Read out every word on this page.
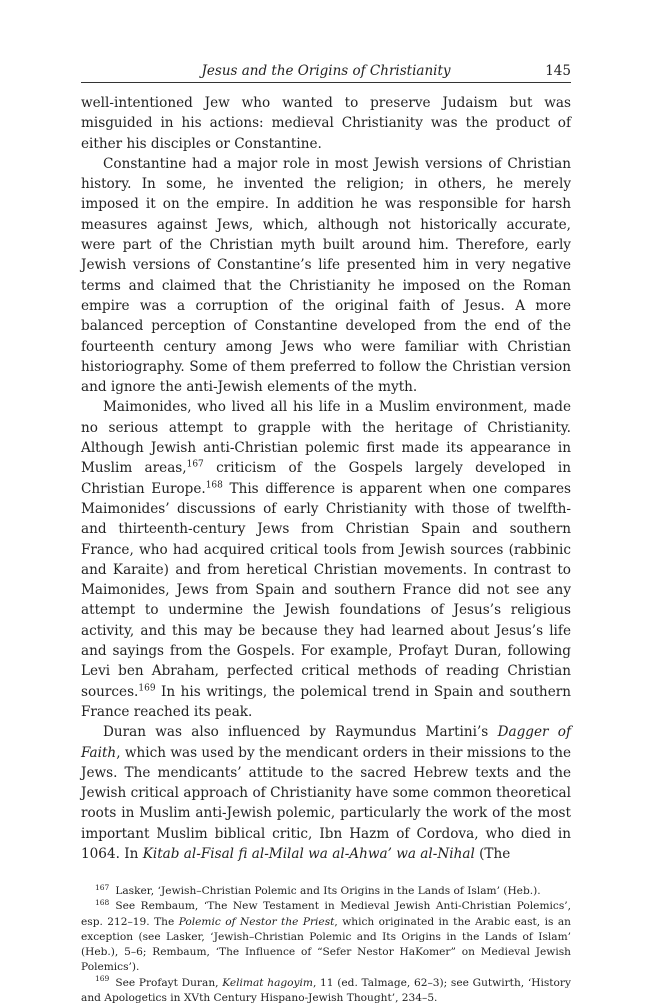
Jesus and the Origins of Christianity	145

well-intentioned Jew who wanted to preserve Judaism but was misguided in his actions: medieval Christianity was the product of either his disciples or Constantine.

Constantine had a major role in most Jewish versions of Christian history. In some, he invented the religion; in others, he merely imposed it on the empire. In addition he was responsible for harsh measures against Jews, which, although not historically accurate, were part of the Christian myth built around him. Therefore, early Jewish versions of Constantine’s life presented him in very negative terms and claimed that the Christianity he imposed on the Roman empire was a corruption of the original faith of Jesus. A more balanced perception of Constantine developed from the end of the fourteenth century among Jews who were familiar with Christian historiography. Some of them preferred to follow the Christian version and ignore the anti-Jewish elements of the myth.

Maimonides, who lived all his life in a Muslim environment, made no serious attempt to grapple with the heritage of Christianity. Although Jewish anti-Christian polemic first made its appearance in Muslim areas,$^{167}$ criticism of the Gospels largely developed in Christian Europe.$^{168}$ This difference is apparent when one compares Maimonides’ discussions of early Christianity with those of twelfth- and thirteenth-century Jews from Christian Spain and southern France, who had acquired critical tools from Jewish sources (rabbinic and Karaite) and from heretical Christian movements. In contrast to Maimonides, Jews from Spain and southern France did not see any attempt to undermine the Jewish foundations of Jesus’s religious activity, and this may be because they had learned about Jesus’s life and sayings from the Gospels. For example, Profayt Duran, following Levi ben Abraham, perfected critical methods of reading Christian sources.$^{169}$ In his writings, the polemical trend in Spain and southern France reached its peak.

Duran was also influenced by Raymundus Martini’s Dagger of Faith, which was used by the mendicant orders in their missions to the Jews. The mendicants’ attitude to the sacred Hebrew texts and the Jewish critical approach of Christianity have some common theoretical roots in Muslim anti-Jewish polemic, particularly the work of the most important Muslim biblical critic, Ibn Hazm of Cordova, who died in 1064. In Kitab al-Fisal fi al-Milal wa al-Ahwa’ wa al-Nihal (The

$^{167}$ Lasker, ‘Jewish–Christian Polemic and Its Origins in the Lands of Islam’ (Heb.).

$^{168}$ See Rembaum, ‘The New Testament in Medieval Jewish Anti-Christian Polemics’, esp. 212–19. The Polemic of Nestor the Priest, which originated in the Arabic east, is an exception (see Lasker, ‘Jewish–Christian Polemic and Its Origins in the Lands of Islam’ (Heb.), 5–6; Rembaum, ‘The Influence of “Sefer Nestor HaKomer” on Medieval Jewish Polemics’).

$^{169}$ See Profayt Duran, Kelimat hagoyim, 11 (ed. Talmage, 62–3); see Gutwirth, ‘History and Apologetics in XVth Century Hispano-Jewish Thought’, 234–5.
